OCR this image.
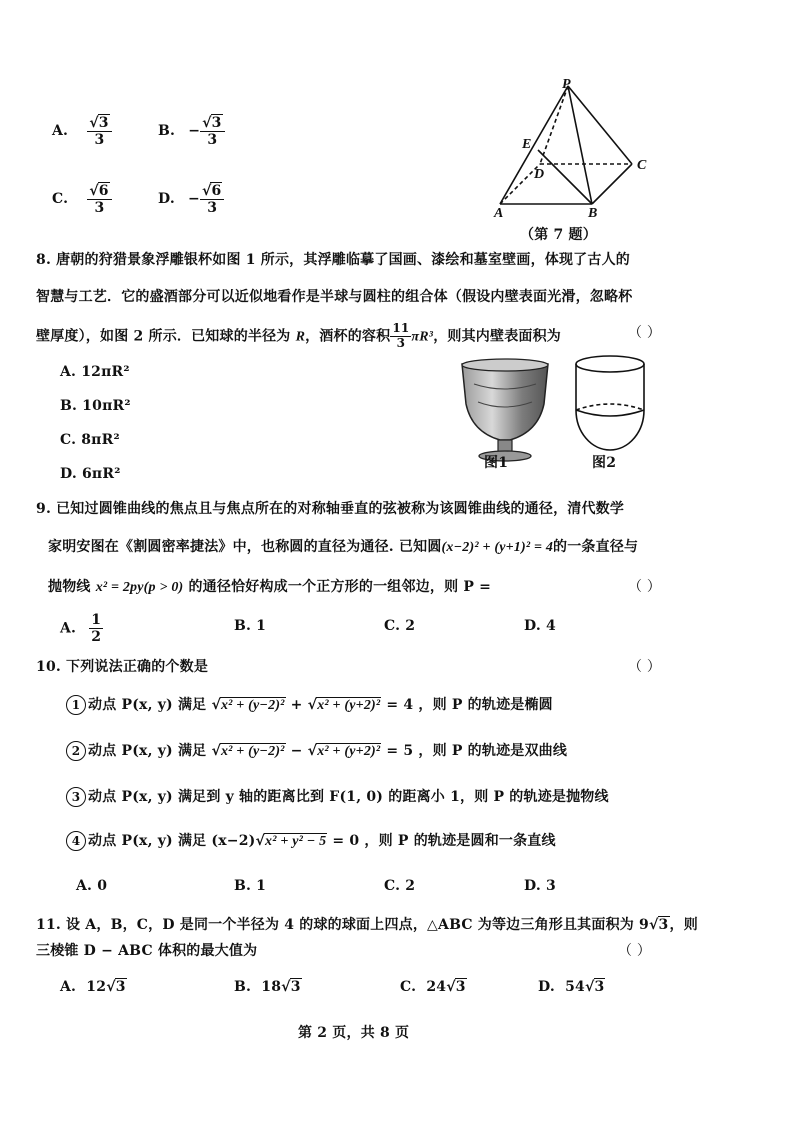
A. $\frac{√3}{3}$	B. − $\frac{√3}{3}$
C. $\frac{√6}{3}$	D. − $\frac{√6}{3}$
P
E
D
C
A	B
（第 7 题）
8. 唐朝的狩猎景象浮雕银杯如图 1 所示，其浮雕临摹了国画、漆绘和墓室壁画，体现了古人的
智慧与工艺．它的盛酒部分可以近似地看作是半球与圆柱的组合体（假设内壁表面光滑，忽略杯
壁厚度），如图 2 所示．已知球的半径为 R，酒杯的容积 $\frac{11}{3} \pi R^3$，则其内壁表面积为	（ ）
A. 12πR²
B. 10πR²
C. 8πR²
D. 6πR²
图1	图2
9. 已知过圆锥曲线的焦点且与焦点所在的对称轴垂直的弦被称为该圆锥曲线的通径，清代数学
家明安图在《割圆密率捷法》中，也称圆的直径为通径. 已知圆(x−2)² + (y+1)² = 4的一条直径与
抛物线 x² = 2py(p > 0) 的通径恰好构成一个正方形的一组邻边，则 P =	（ ）
A. $\frac{1}{2}$	B. 1	C. 2	D. 4
10. 下列说法正确的个数是	（ ）
1 动点 P(x, y) 满足 √x² + (y−2)² + √x² + (y+2)² = 4 ，则 P 的轨迹是椭圆
2 动点 P(x, y) 满足 √x² + (y−2)² − √x² + (y+2)² = 5 ，则 P 的轨迹是双曲线
3 动点 P(x, y) 满足到 y 轴的距离比到 F(1, 0) 的距离小 1，则 P 的轨迹是抛物线
4 动点 P(x, y) 满足 (x−2)√x² + y² − 5 = 0 ，则 P 的轨迹是圆和一条直线
A. 0	B. 1	C. 2	D. 3
11. 设 A，B，C，D 是同一个半径为 4 的球的球面上四点，△ABC 为等边三角形且其面积为 9√3，则
三棱锥 D − ABC 体积的最大值为	（ ）
A. 12√3	B. 18√3	C. 24√3	D. 54√3
第 2 页，共 8 页
